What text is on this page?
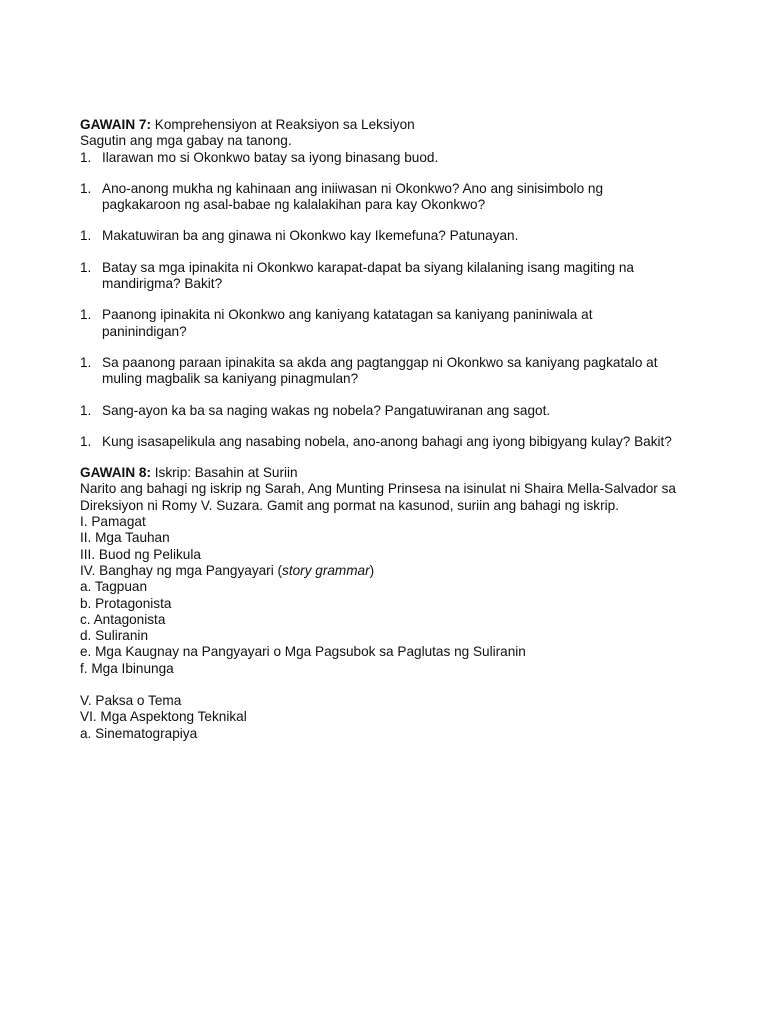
GAWAIN 7: Komprehensiyon at Reaksiyon sa Leksiyon

Sagutin ang mga gabay na tanong.

1. Ilarawan mo si Okonkwo batay sa iyong binasang buod.
1. Ano-anong mukha ng kahinaan ang iniiwasan ni Okonkwo? Ano ang sinisimbolo ng pagkakaroon ng asal-babae ng kalalakihan para kay Okonkwo?
1. Makatuwiran ba ang ginawa ni Okonkwo kay Ikemefuna? Patunayan.
1. Batay sa mga ipinakita ni Okonkwo karapat-dapat ba siyang kilalaning isang magiting na mandirigma? Bakit?
1. Paanong ipinakita ni Okonkwo ang kaniyang katatagan sa kaniyang paniniwala at paninindigan?
1. Sa paanong paraan ipinakita sa akda ang pagtanggap ni Okonkwo sa kaniyang pagkatalo at muling magbalik sa kaniyang pinagmulan?
1. Sang-ayon ka ba sa naging wakas ng nobela? Pangatuwiranan ang sagot.
1. Kung isasapelikula ang nasabing nobela, ano-anong bahagi ang iyong bibigyang kulay? Bakit?

GAWAIN 8: Iskrip: Basahin at Suriin

Narito ang bahagi ng iskrip ng Sarah, Ang Munting Prinsesa na isinulat ni Shaira Mella-Salvador sa Direksiyon ni Romy V. Suzara. Gamit ang pormat na kasunod, suriin ang bahagi ng iskrip.

I. Pamagat

II. Mga Tauhan

III. Buod ng Pelikula

IV. Banghay ng mga Pangyayari (story grammar)

a. Tagpuan

b. Protagonista

c. Antagonista

d. Suliranin

e. Mga Kaugnay na Pangyayari o Mga Pagsubok sa Paglutas ng Suliranin

f. Mga Ibinunga

V. Paksa o Tema

VI. Mga Aspektong Teknikal

a. Sinematograpiya
